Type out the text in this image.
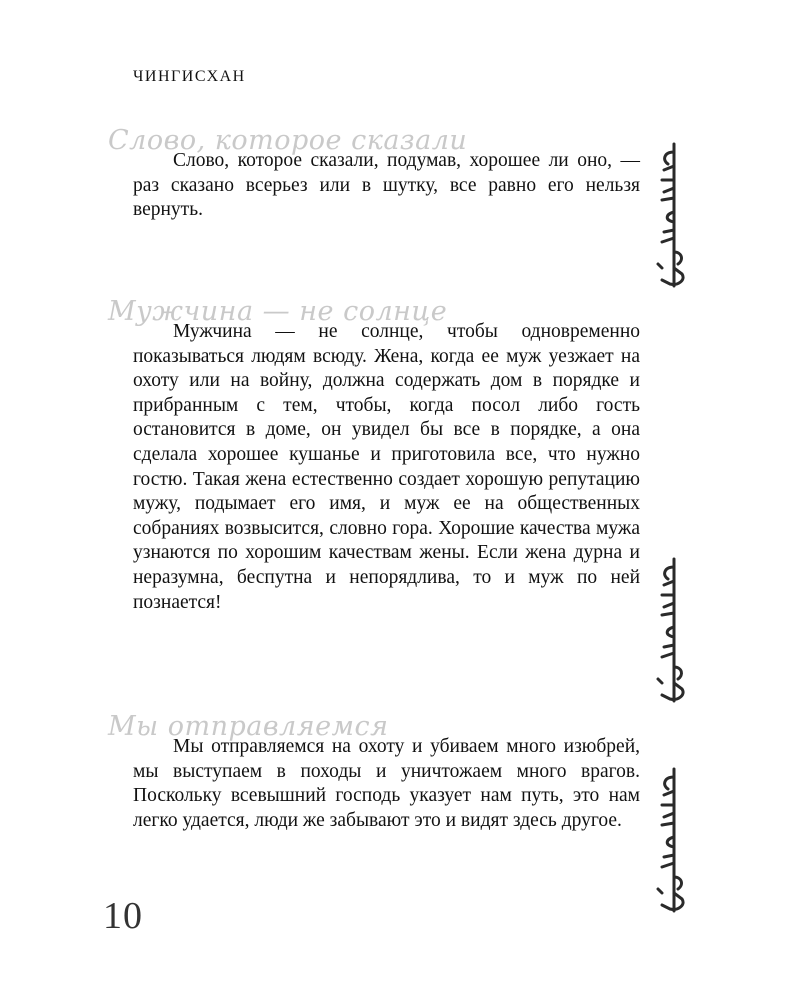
ЧИНГИСХАН
Слово, которое сказали

Слово, которое сказали, подумав, хорошее ли оно, — раз сказано всерьез или в шутку, все равно его нельзя вернуть.

Мужчина — не солнце

Мужчина — не солнце, чтобы одновременно показываться людям всюду. Жена, когда ее муж уезжает на охоту или на войну, должна содержать дом в порядке и прибранным с тем, чтобы, когда посол либо гость остановится в доме, он увидел бы все в порядке, а она сделала хорошее кушанье и приготовила все, что нужно гостю. Такая жена естественно создает хорошую репутацию мужу, подымает его имя, и муж ее на общественных собраниях возвысится, словно гора. Хорошие качества мужа узнаются по хорошим качествам жены. Если жена дурна и неразумна, беспутна и непорядлива, то и муж по ней познается!

Мы отправляемся

Мы отправляемся на охоту и убиваем много изюбрей, мы выступаем в походы и уничтожаем много врагов. Поскольку всевышний господь указует нам путь, это нам легко удается, люди же забывают это и видят здесь другое.

10
